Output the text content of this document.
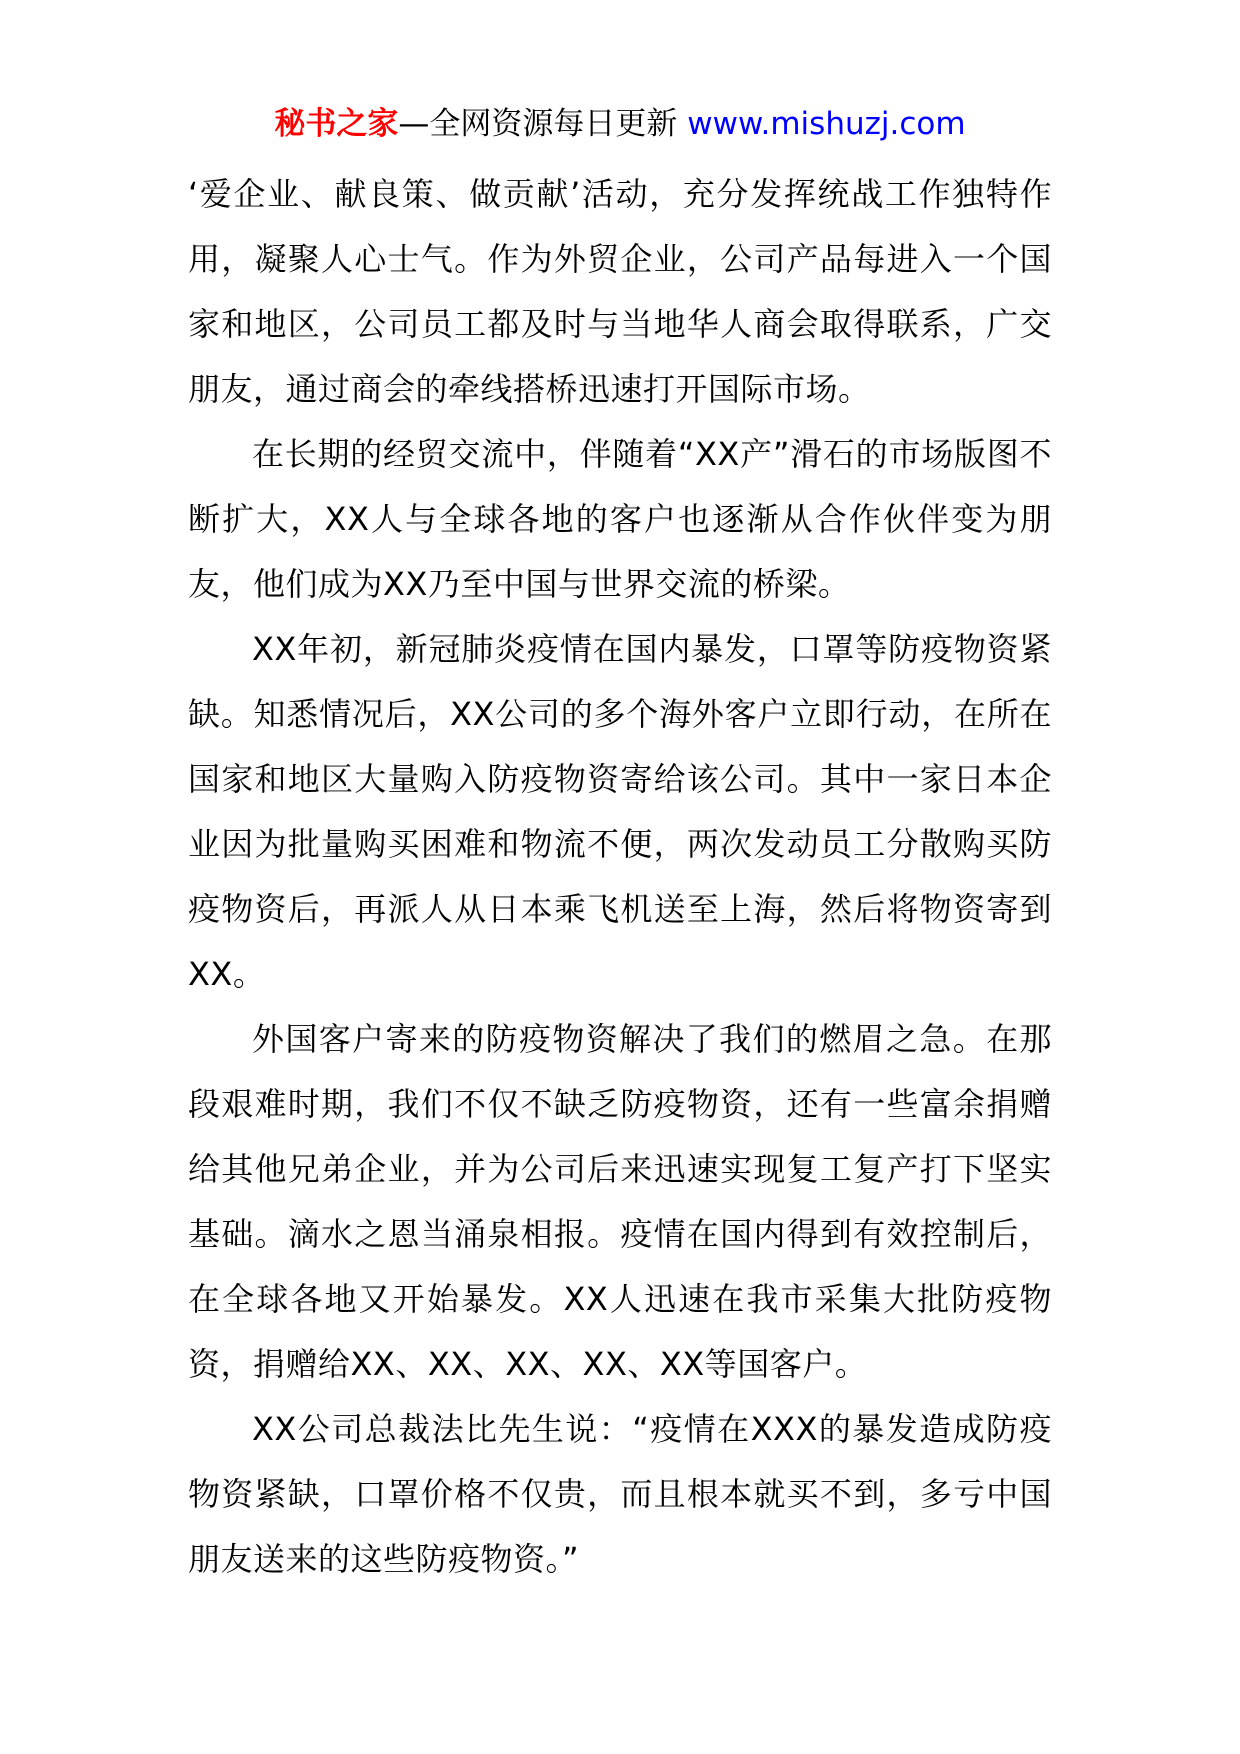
秘书之家—全网资源每日更新 www.mishuzj.com

‘爱企业、献良策、做贡献’活动，充分发挥统战工作独特作用，凝聚人心士气。作为外贸企业，公司产品每进入一个国家和地区，公司员工都及时与当地华人商会取得联系，广交朋友，通过商会的牵线搭桥迅速打开国际市场。

在长期的经贸交流中，伴随着“XX产”滑石的市场版图不断扩大，XX人与全球各地的客户也逐渐从合作伙伴变为朋友，他们成为XX乃至中国与世界交流的桥梁。

XX年初，新冠肺炎疫情在国内暴发，口罩等防疫物资紧缺。知悉情况后，XX公司的多个海外客户立即行动，在所在国家和地区大量购入防疫物资寄给该公司。其中一家日本企业因为批量购买困难和物流不便，两次发动员工分散购买防疫物资后，再派人从日本乘飞机送至上海，然后将物资寄到XX。

外国客户寄来的防疫物资解决了我们的燃眉之急。在那段艰难时期，我们不仅不缺乏防疫物资，还有一些富余捐赠给其他兄弟企业，并为公司后来迅速实现复工复产打下坚实基础。滴水之恩当涌泉相报。疫情在国内得到有效控制后，在全球各地又开始暴发。XX人迅速在我市采集大批防疫物资，捐赠给XX、XX、XX、XX、XX等国客户。

XX公司总裁法比先生说：“疫情在XXX的暴发造成防疫物资紧缺，口罩价格不仅贵，而且根本就买不到，多亏中国朋友送来的这些防疫物资。”
